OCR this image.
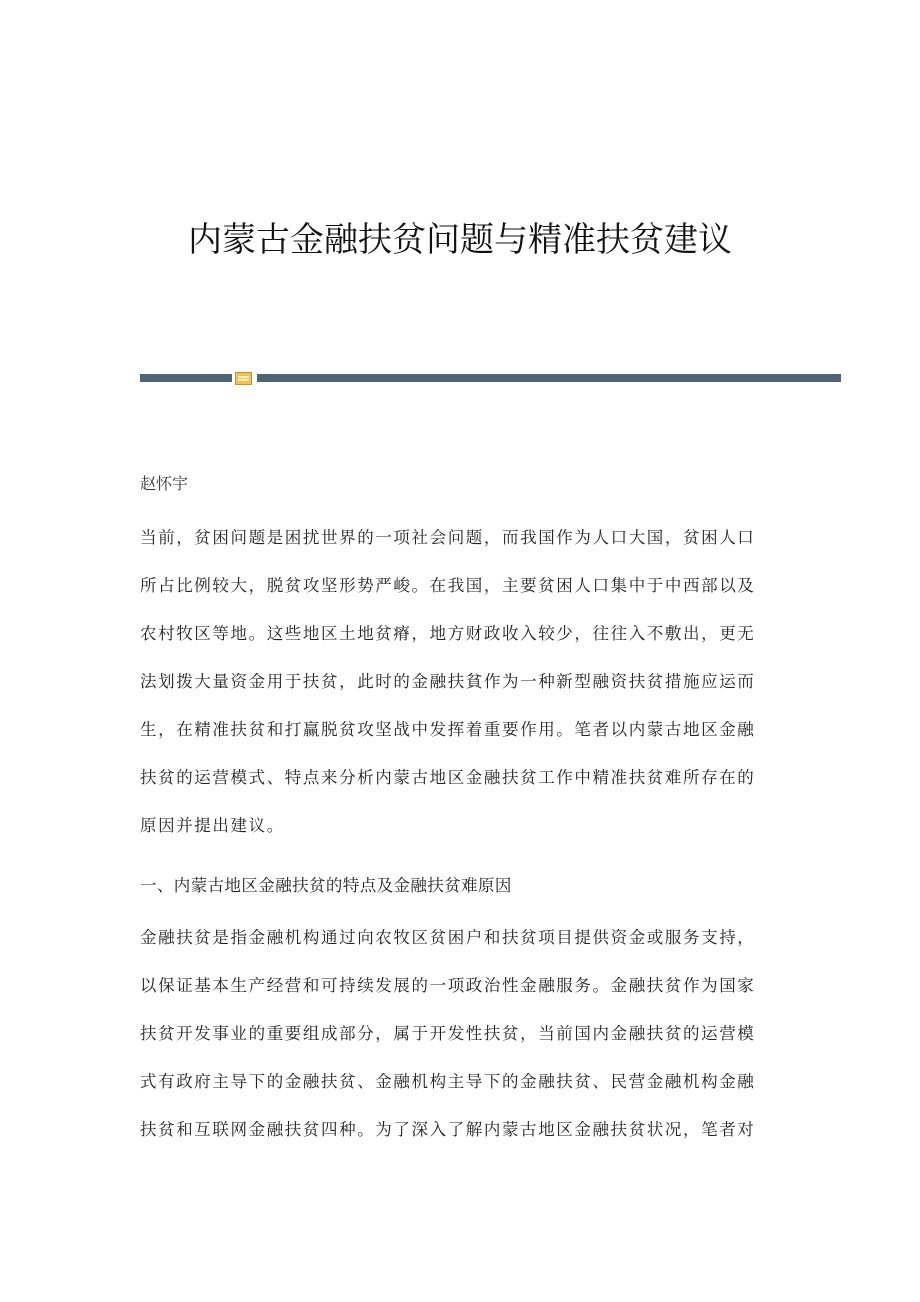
内蒙古金融扶贫问题与精准扶贫建议

赵怀宇

当前，贫困问题是困扰世界的一项社会问题，而我国作为人口大国，贫困人口
所占比例较大，脱贫攻坚形势严峻。在我国，主要贫困人口集中于中西部以及
农村牧区等地。这些地区土地贫瘠，地方财政收入较少，往往入不敷出，更无
法划拨大量资金用于扶贫，此时的金融扶貧作为一种新型融资扶贫措施应运而
生，在精准扶贫和打赢脱贫攻坚战中发挥着重要作用。笔者以内蒙古地区金融
扶贫的运营模式、特点来分析内蒙古地区金融扶贫工作中精准扶贫难所存在的
原因并提出建议。

一、内蒙古地区金融扶贫的特点及金融扶贫难原因

金融扶贫是指金融机构通过向农牧区贫困户和扶贫项目提供资金或服务支持，
以保证基本生产经营和可持续发展的一项政治性金融服务。金融扶贫作为国家
扶贫开发事业的重要组成部分，属于开发性扶贫，当前国内金融扶贫的运营模
式有政府主导下的金融扶贫、金融机构主导下的金融扶贫、民营金融机构金融
扶贫和互联网金融扶贫四种。为了深入了解内蒙古地区金融扶贫状况，笔者对
